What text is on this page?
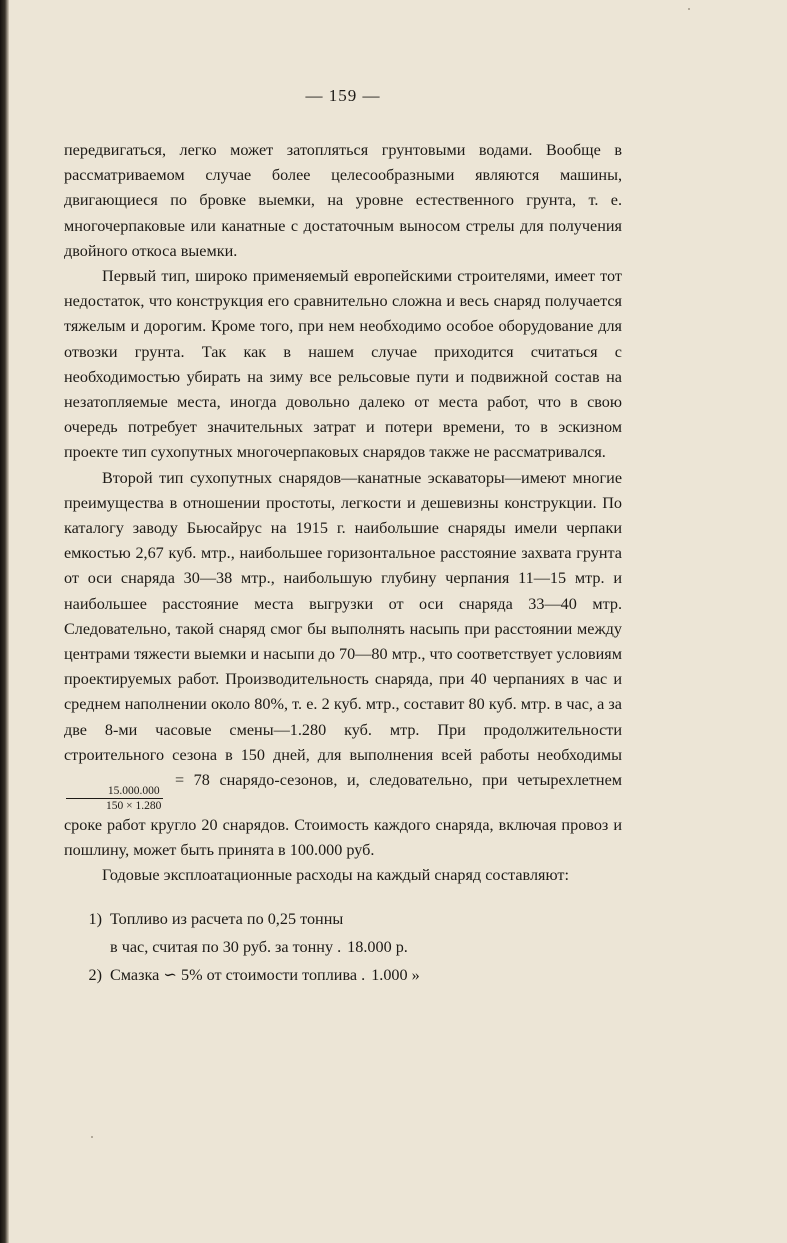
— 159 —

передвигаться, легко может затопляться грунтовыми водами. Вообще в рассматриваемом случае более целесообразными являются машины, двигающиеся по бровке выемки, на уровне естественного грунта, т. е. многочерпаковые или канатные с достаточным выносом стрелы для получения двойного откоса выемки.

Первый тип, широко применяемый европейскими строителями, имеет тот недостаток, что конструкция его сравнительно сложна и весь снаряд получается тяжелым и дорогим. Кроме того, при нем необходимо особое оборудование для отвозки грунта. Так как в нашем случае приходится считаться с необходимостью убирать на зиму все рельсовые пути и подвижной состав на незатопляемые места, иногда довольно далеко от места работ, что в свою очередь потребует значительных затрат и потери времени, то в эскизном проекте тип сухопутных многочерпаковых снарядов также не рассматривался.

Второй тип сухопутных снарядов—канатные эскаваторы—имеют многие преимущества в отношении простоты, легкости и дешевизны конструкции. По каталогу заводу Бьюсайрус на 1915 г. наибольшие снаряды имели черпаки емкостью 2,67 куб. мтр., наибольшее горизонтальное расстояние захвата грунта от оси снаряда 30—38 мтр., наибольшую глубину черпания 11—15 мтр. и наибольшее расстояние места выгрузки от оси снаряда 33—40 мтр. Следовательно, такой снаряд смог бы выполнять насыпь при расстоянии между центрами тяжести выемки и насыпи до 70—80 мтр., что соответствует условиям проектируемых работ. Производительность снаряда, при 40 черпаниях в час и среднем наполнении около 80%, т. е. 2 куб. мтр., составит 80 куб. мтр. в час, а за две 8-ми часовые смены—1.280 куб. мтр. При продолжительности строительного сезона в 150 дней, для выполнения всей работы необходимы
$\frac{15.000.000}{150 \times 1.280}$
= 78 снарядо-сезонов, и, следовательно, при четырехлетнем сроке работ кругло 20 снарядов. Стоимость каждого снаряда, включая провоз и пошлину, может быть принята в 100.000 руб.

Годовые эксплоатационные расходы на каждый снаряд составляют:

1) Топливо из расчета по 0,25 тонны
в час, считая по 30 руб. за тонну . 18.000 р.
2) Смазка ∽ 5% от стоимости топлива . 1.000 »
